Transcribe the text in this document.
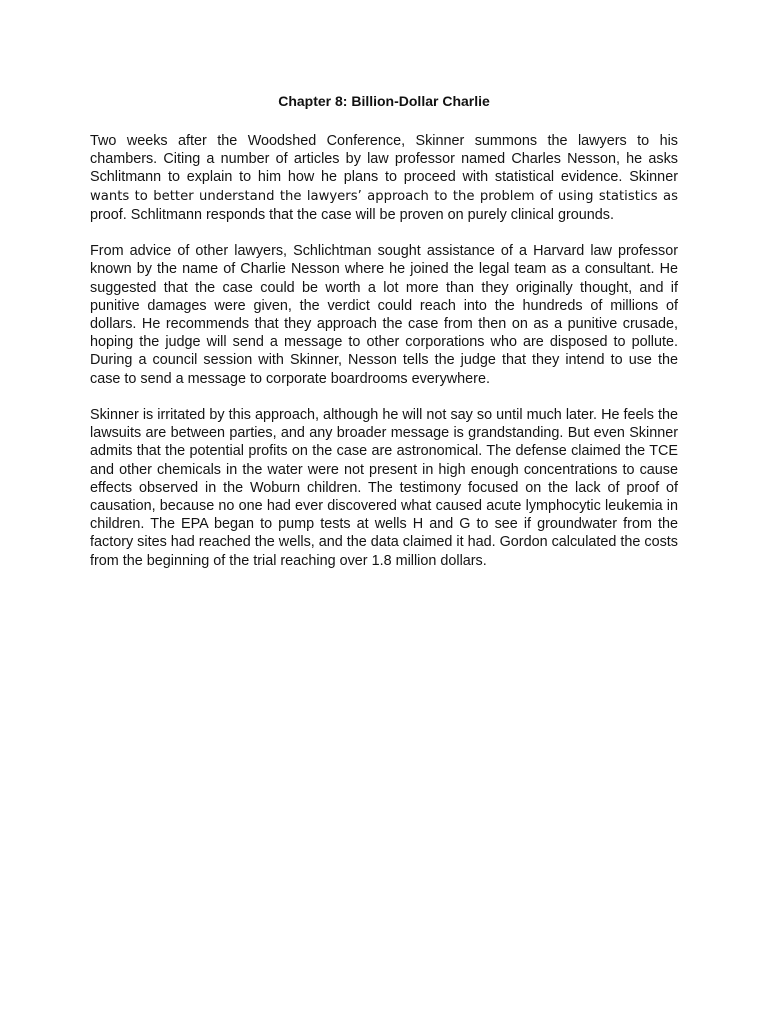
Chapter 8: Billion-Dollar Charlie

Two weeks after the Woodshed Conference, Skinner summons the lawyers to his chambers. Citing a number of articles by law professor named Charles Nesson, he asks Schlitmann to explain to him how he plans to proceed with statistical evidence. Skinner wants to better understand the lawyers’ approach to the problem of using statistics as proof. Schlitmann responds that the case will be proven on purely clinical grounds.

From advice of other lawyers, Schlichtman sought assistance of a Harvard law professor known by the name of Charlie Nesson where he joined the legal team as a consultant. He suggested that the case could be worth a lot more than they originally thought, and if punitive damages were given, the verdict could reach into the hundreds of millions of dollars. He recommends that they approach the case from then on as a punitive crusade, hoping the judge will send a message to other corporations who are disposed to pollute. During a council session with Skinner, Nesson tells the judge that they intend to use the case to send a message to corporate boardrooms everywhere.

Skinner is irritated by this approach, although he will not say so until much later. He feels the lawsuits are between parties, and any broader message is grandstanding. But even Skinner admits that the potential profits on the case are astronomical. The defense claimed the TCE and other chemicals in the water were not present in high enough concentrations to cause effects observed in the Woburn children. The testimony focused on the lack of proof of causation, because no one had ever discovered what caused acute lymphocytic leukemia in children. The EPA began to pump tests at wells H and G to see if groundwater from the factory sites had reached the wells, and the data claimed it had. Gordon calculated the costs from the beginning of the trial reaching over 1.8 million dollars.
